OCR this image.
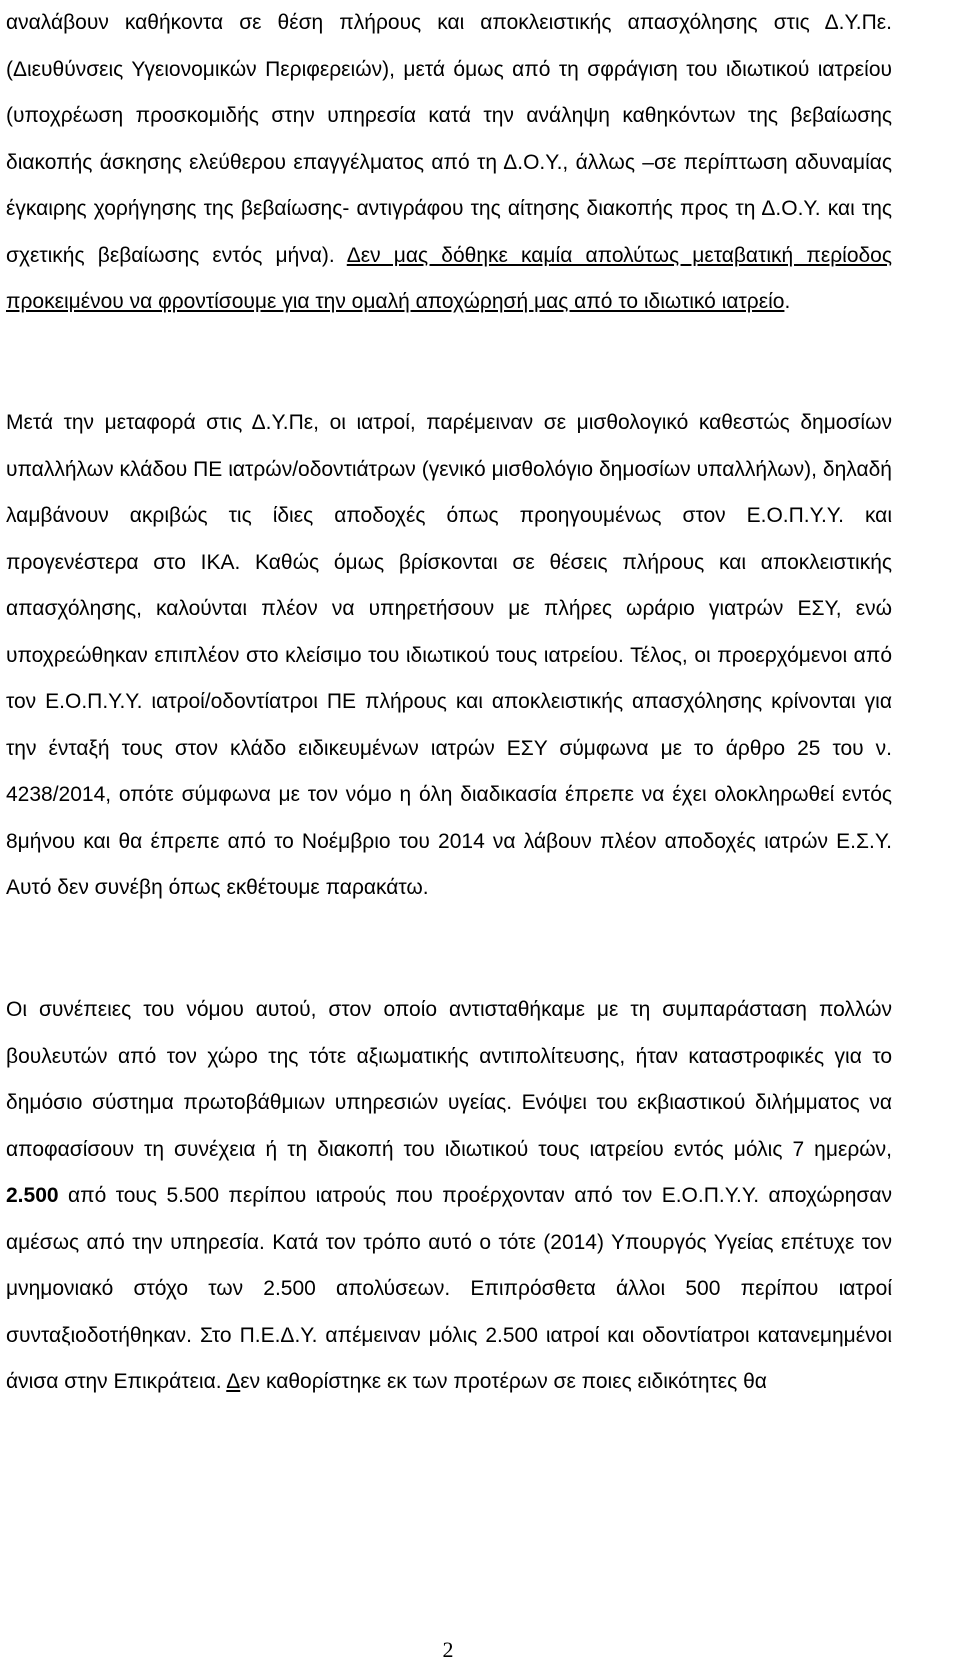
αναλάβουν καθήκοντα σε θέση πλήρους και αποκλειστικής απασχόλησης στις Δ.Υ.Πε. (Διευθύνσεις Υγειονομικών Περιφερειών), μετά όμως από τη σφράγιση του ιδιωτικού ιατρείου (υποχρέωση προσκομιδής στην υπηρεσία κατά την ανάληψη καθηκόντων της βεβαίωσης διακοπής άσκησης ελεύθερου επαγγέλματος από τη Δ.Ο.Υ., άλλως –σε περίπτωση αδυναμίας έγκαιρης χορήγησης της βεβαίωσης- αντιγράφου της αίτησης διακοπής προς τη Δ.Ο.Υ. και της σχετικής βεβαίωσης εντός μήνα). Δεν μας δόθηκε καμία απολύτως μεταβατική περίοδος προκειμένου να φροντίσουμε για την ομαλή αποχώρησή μας από το ιδιωτικό ιατρείο.

Μετά την μεταφορά στις Δ.Υ.Πε, οι ιατροί, παρέμειναν σε μισθολογικό καθεστώς δημοσίων υπαλλήλων κλάδου ΠΕ ιατρών/οδοντιάτρων (γενικό μισθολόγιο δημοσίων υπαλλήλων), δηλαδή λαμβάνουν ακριβώς τις ίδιες αποδοχές όπως προηγουμένως στον Ε.Ο.Π.Υ.Υ. και προγενέστερα στο ΙΚΑ. Καθώς όμως βρίσκονται σε θέσεις πλήρους και αποκλειστικής απασχόλησης, καλούνται πλέον να υπηρετήσουν με πλήρες ωράριο γιατρών ΕΣΥ, ενώ υποχρεώθηκαν επιπλέον στο κλείσιμο του ιδιωτικού τους ιατρείου. Τέλος, οι προερχόμενοι από τον Ε.Ο.Π.Υ.Υ. ιατροί/οδοντίατροι ΠΕ πλήρους και αποκλειστικής απασχόλησης κρίνονται για την ένταξή τους στον κλάδο ειδικευμένων ιατρών ΕΣΥ σύμφωνα με το άρθρο 25 του ν. 4238/2014, οπότε σύμφωνα με τον νόμο η όλη διαδικασία έπρεπε να έχει ολοκληρωθεί εντός 8μήνου και θα έπρεπε από το Νοέμβριο του 2014 να λάβουν πλέον αποδοχές ιατρών Ε.Σ.Υ. Αυτό δεν συνέβη όπως εκθέτουμε παρακάτω.

Οι συνέπειες του νόμου αυτού, στον οποίο αντισταθήκαμε με τη συμπαράσταση πολλών βουλευτών από τον χώρο της τότε αξιωματικής αντιπολίτευσης, ήταν καταστροφικές για το δημόσιο σύστημα πρωτοβάθμιων υπηρεσιών υγείας. Ενόψει του εκβιαστικού διλήμματος να αποφασίσουν τη συνέχεια ή τη διακοπή του ιδιωτικού τους ιατρείου εντός μόλις 7 ημερών, 2.500 από τους 5.500 περίπου ιατρούς που προέρχονταν από τον Ε.Ο.Π.Υ.Υ. αποχώρησαν αμέσως από την υπηρεσία. Κατά τον τρόπο αυτό ο τότε (2014) Υπουργός Υγείας επέτυχε τον μνημονιακό στόχο των 2.500 απολύσεων. Επιπρόσθετα άλλοι 500 περίπου ιατροί συνταξιοδοτήθηκαν. Στο Π.Ε.Δ.Υ. απέμειναν μόλις 2.500 ιατροί και οδοντίατροι κατανεμημένοι άνισα στην Επικράτεια. Δεν καθορίστηκε εκ των προτέρων σε ποιες ειδικότητες θα

2
